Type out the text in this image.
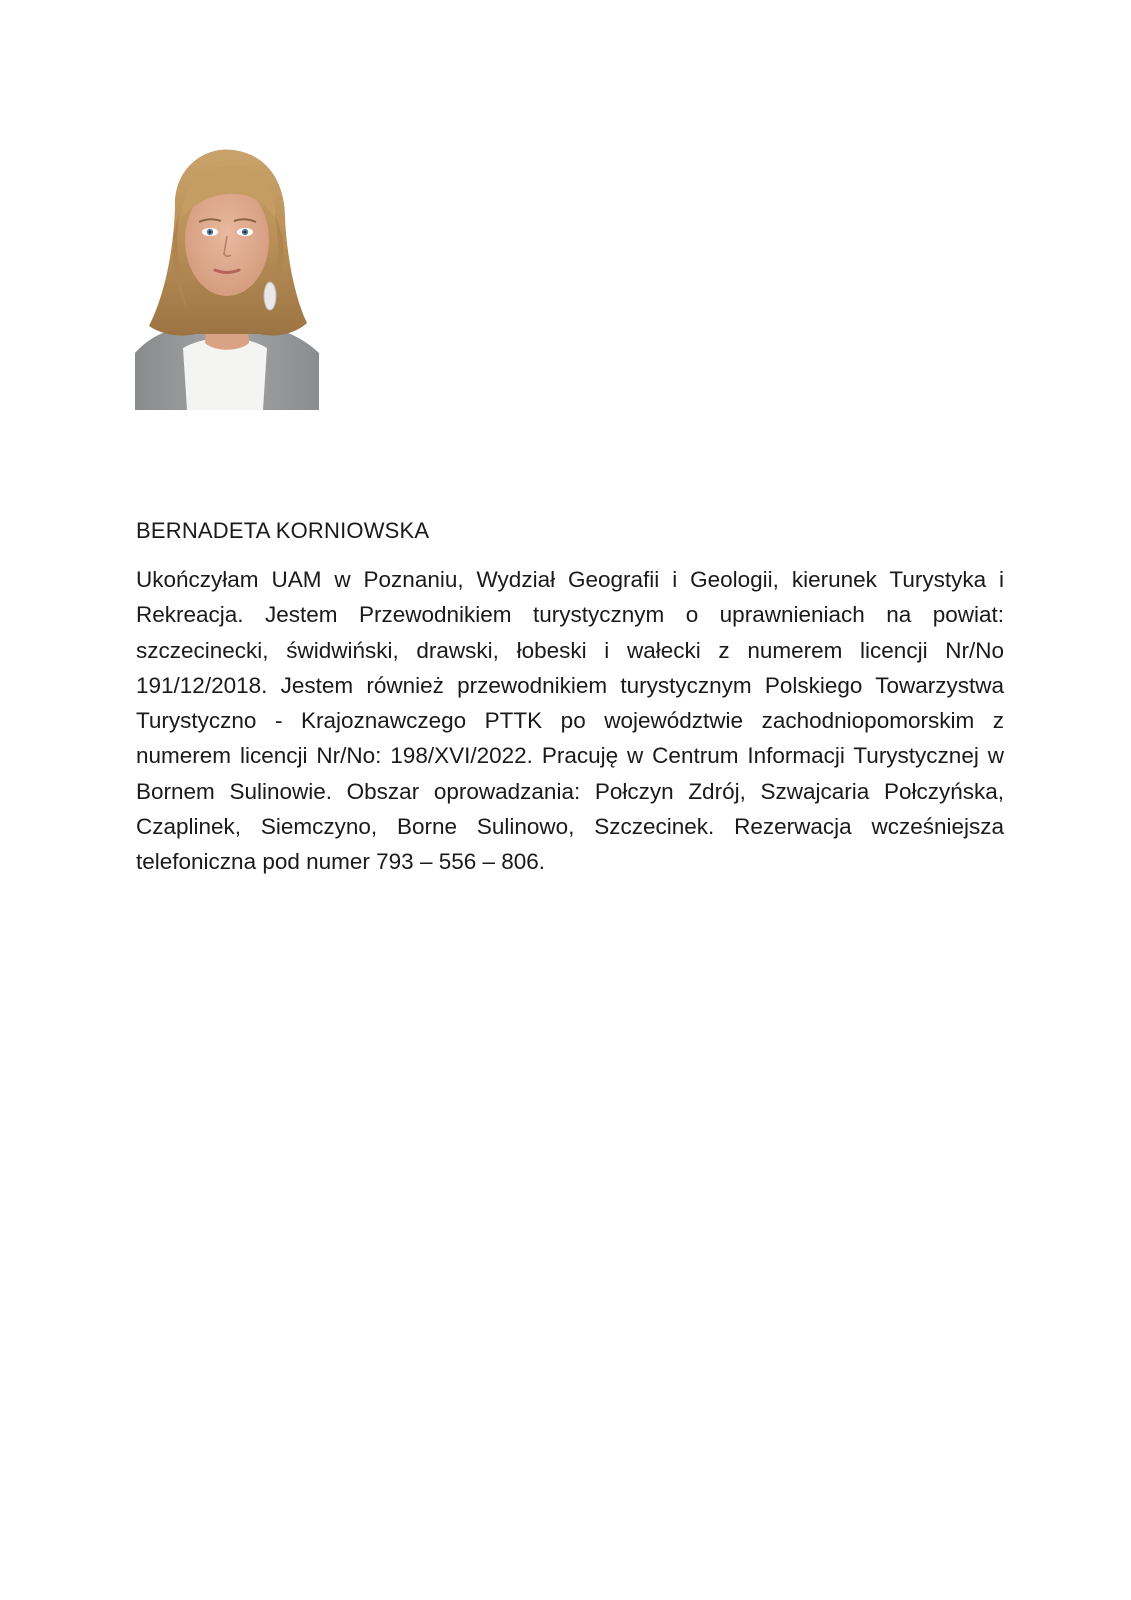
BERNADETA KORNIOWSKA

Ukończyłam UAM w Poznaniu, Wydział Geografii i Geologii, kierunek Turystyka i Rekreacja. Jestem Przewodnikiem turystycznym o uprawnieniach na powiat: szczecinecki, świdwiński, drawski, łobeski i wałecki z numerem licencji Nr/No 191/12/2018. Jestem również przewodnikiem turystycznym Polskiego Towarzystwa Turystyczno - Krajoznawczego PTTK po województwie zachodniopomorskim z numerem licencji Nr/No: 198/XVI/2022. Pracuję w Centrum Informacji Turystycznej w Bornem Sulinowie. Obszar oprowadzania: Połczyn Zdrój, Szwajcaria Połczyńska, Czaplinek, Siemczyno, Borne Sulinowo, Szczecinek. Rezerwacja wcześniejsza telefoniczna pod numer 793 – 556 – 806.
